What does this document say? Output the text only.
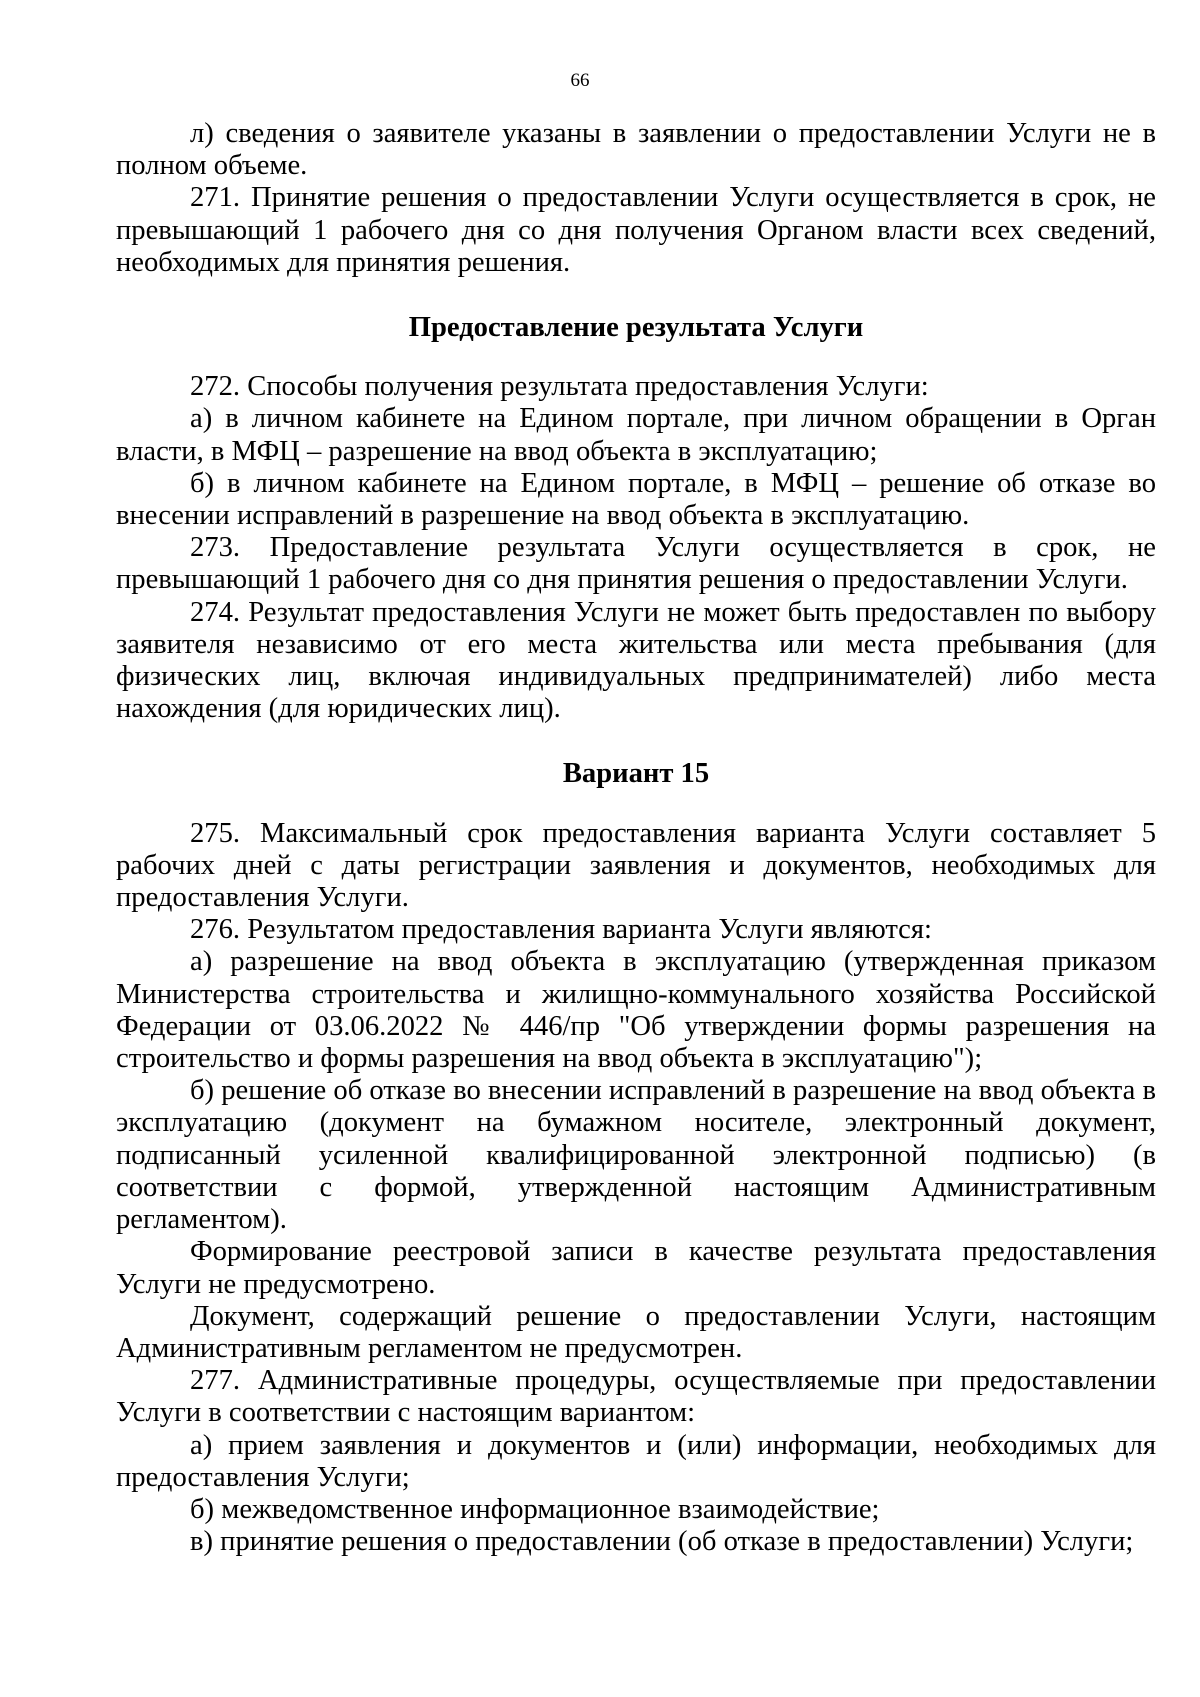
66

л) сведения о заявителе указаны в заявлении о предоставлении Услуги не в полном объеме.

271. Принятие решения о предоставлении Услуги осуществляется в срок, не превышающий 1 рабочего дня со дня получения Органом власти всех сведений, необходимых для принятия решения.

Предоставление результата Услуги

272. Способы получения результата предоставления Услуги:

а) в личном кабинете на Едином портале, при личном обращении в Орган власти, в МФЦ – разрешение на ввод объекта в эксплуатацию;

б) в личном кабинете на Едином портале, в МФЦ – решение об отказе во внесении исправлений в разрешение на ввод объекта в эксплуатацию.

273. Предоставление результата Услуги осуществляется в срок, не превышающий 1 рабочего дня со дня принятия решения о предоставлении Услуги.

274. Результат предоставления Услуги не может быть предоставлен по выбору заявителя независимо от его места жительства или места пребывания (для физических лиц, включая индивидуальных предпринимателей) либо места нахождения (для юридических лиц).

Вариант 15

275. Максимальный срок предоставления варианта Услуги составляет 5 рабочих дней с даты регистрации заявления и документов, необходимых для предоставления Услуги.

276. Результатом предоставления варианта Услуги являются:

а) разрешение на ввод объекта в эксплуатацию (утвержденная приказом Министерства строительства и жилищно-коммунального хозяйства Российской Федерации от 03.06.2022 № 446/пр "Об утверждении формы разрешения на строительство и формы разрешения на ввод объекта в эксплуатацию");

б) решение об отказе во внесении исправлений в разрешение на ввод объекта в эксплуатацию (документ на бумажном носителе, электронный документ, подписанный усиленной квалифицированной электронной подписью) (в соответствии с формой, утвержденной настоящим Административным регламентом).

Формирование реестровой записи в качестве результата предоставления Услуги не предусмотрено.

Документ, содержащий решение о предоставлении Услуги, настоящим Административным регламентом не предусмотрен.

277. Административные процедуры, осуществляемые при предоставлении Услуги в соответствии с настоящим вариантом:

а) прием заявления и документов и (или) информации, необходимых для предоставления Услуги;

б) межведомственное информационное взаимодействие;

в) принятие решения о предоставлении (об отказе в предоставлении) Услуги;
